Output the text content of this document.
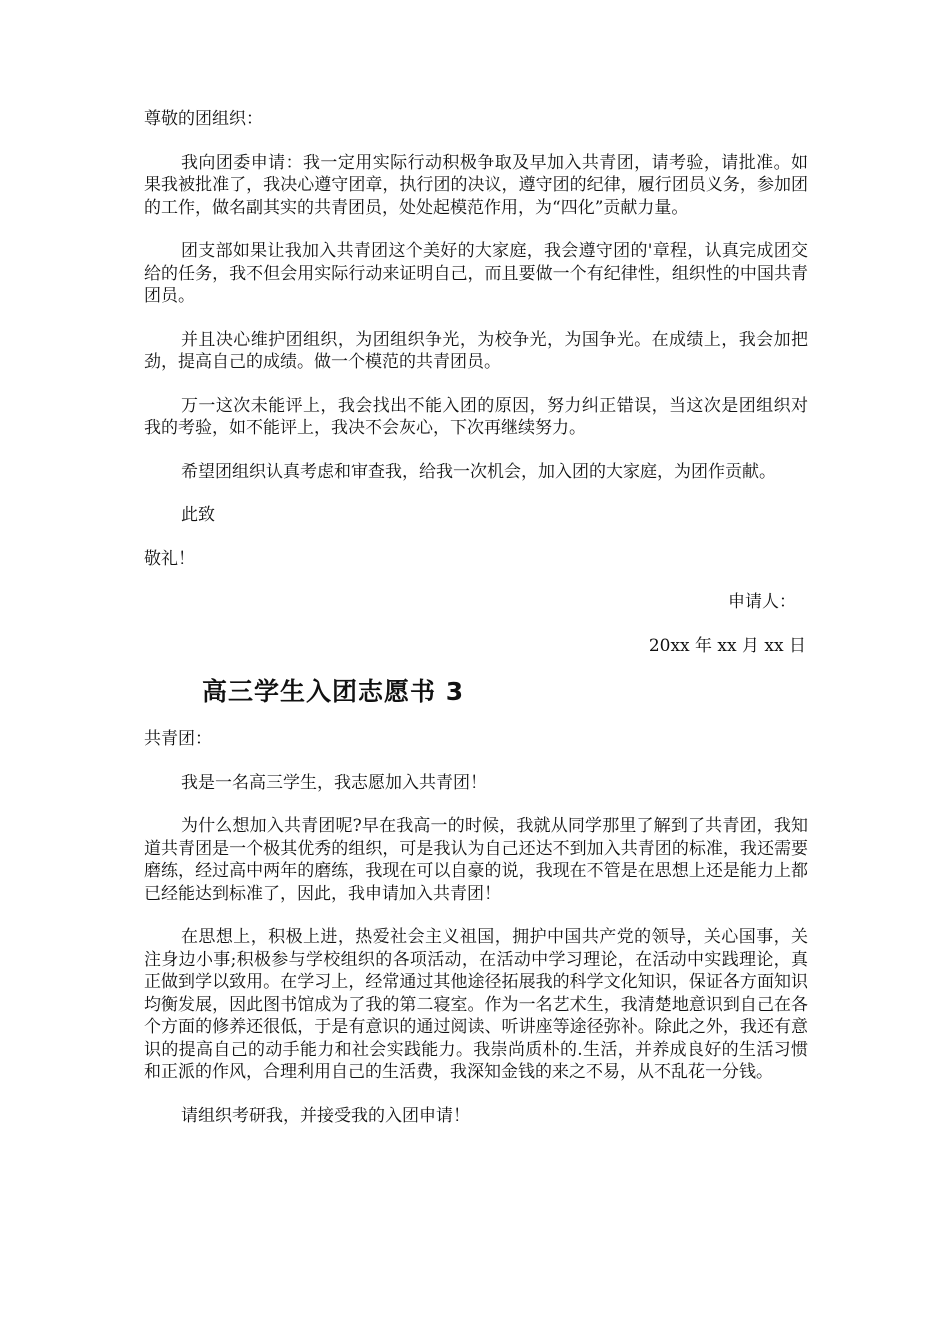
尊敬的团组织：

我向团委申请：我一定用实际行动积极争取及早加入共青团，请考验，请批准。如果我被批准了，我决心遵守团章，执行团的决议，遵守团的纪律，履行团员义务，参加团的工作，做名副其实的共青团员，处处起模范作用，为“四化”贡献力量。

团支部如果让我加入共青团这个美好的大家庭，我会遵守团的'章程，认真完成团交给的任务，我不但会用实际行动来证明自己，而且要做一个有纪律性，组织性的中国共青团员。

并且决心维护团组织，为团组织争光，为校争光，为国争光。在成绩上，我会加把劲，提高自己的成绩。做一个模范的共青团员。

万一这次未能评上，我会找出不能入团的原因，努力纠正错误，当这次是团组织对我的考验，如不能评上，我决不会灰心，下次再继续努力。

希望团组织认真考虑和审查我，给我一次机会，加入团的大家庭，为团作贡献。

此致

敬礼！

申请人：
20xx 年 xx 月 xx 日
高三学生入团志愿书 3
共青团：

我是一名高三学生，我志愿加入共青团！

为什么想加入共青团呢?早在我高一的时候，我就从同学那里了解到了共青团，我知道共青团是一个极其优秀的组织，可是我认为自己还达不到加入共青团的标准，我还需要磨练，经过高中两年的磨练，我现在可以自豪的说，我现在不管是在思想上还是能力上都已经能达到标准了，因此，我申请加入共青团！

在思想上，积极上进，热爱社会主义祖国，拥护中国共产党的领导，关心国事，关注身边小事;积极参与学校组织的各项活动，在活动中学习理论，在活动中实践理论，真正做到学以致用。在学习上，经常通过其他途径拓展我的科学文化知识，保证各方面知识均衡发展，因此图书馆成为了我的第二寝室。作为一名艺术生，我清楚地意识到自己在各个方面的修养还很低，于是有意识的通过阅读、听讲座等途径弥补。除此之外，我还有意识的提高自己的动手能力和社会实践能力。我崇尚质朴的.生活，并养成良好的生活习惯和正派的作风，合理利用自己的生活费，我深知金钱的来之不易，从不乱花一分钱。

请组织考研我，并接受我的入团申请！
